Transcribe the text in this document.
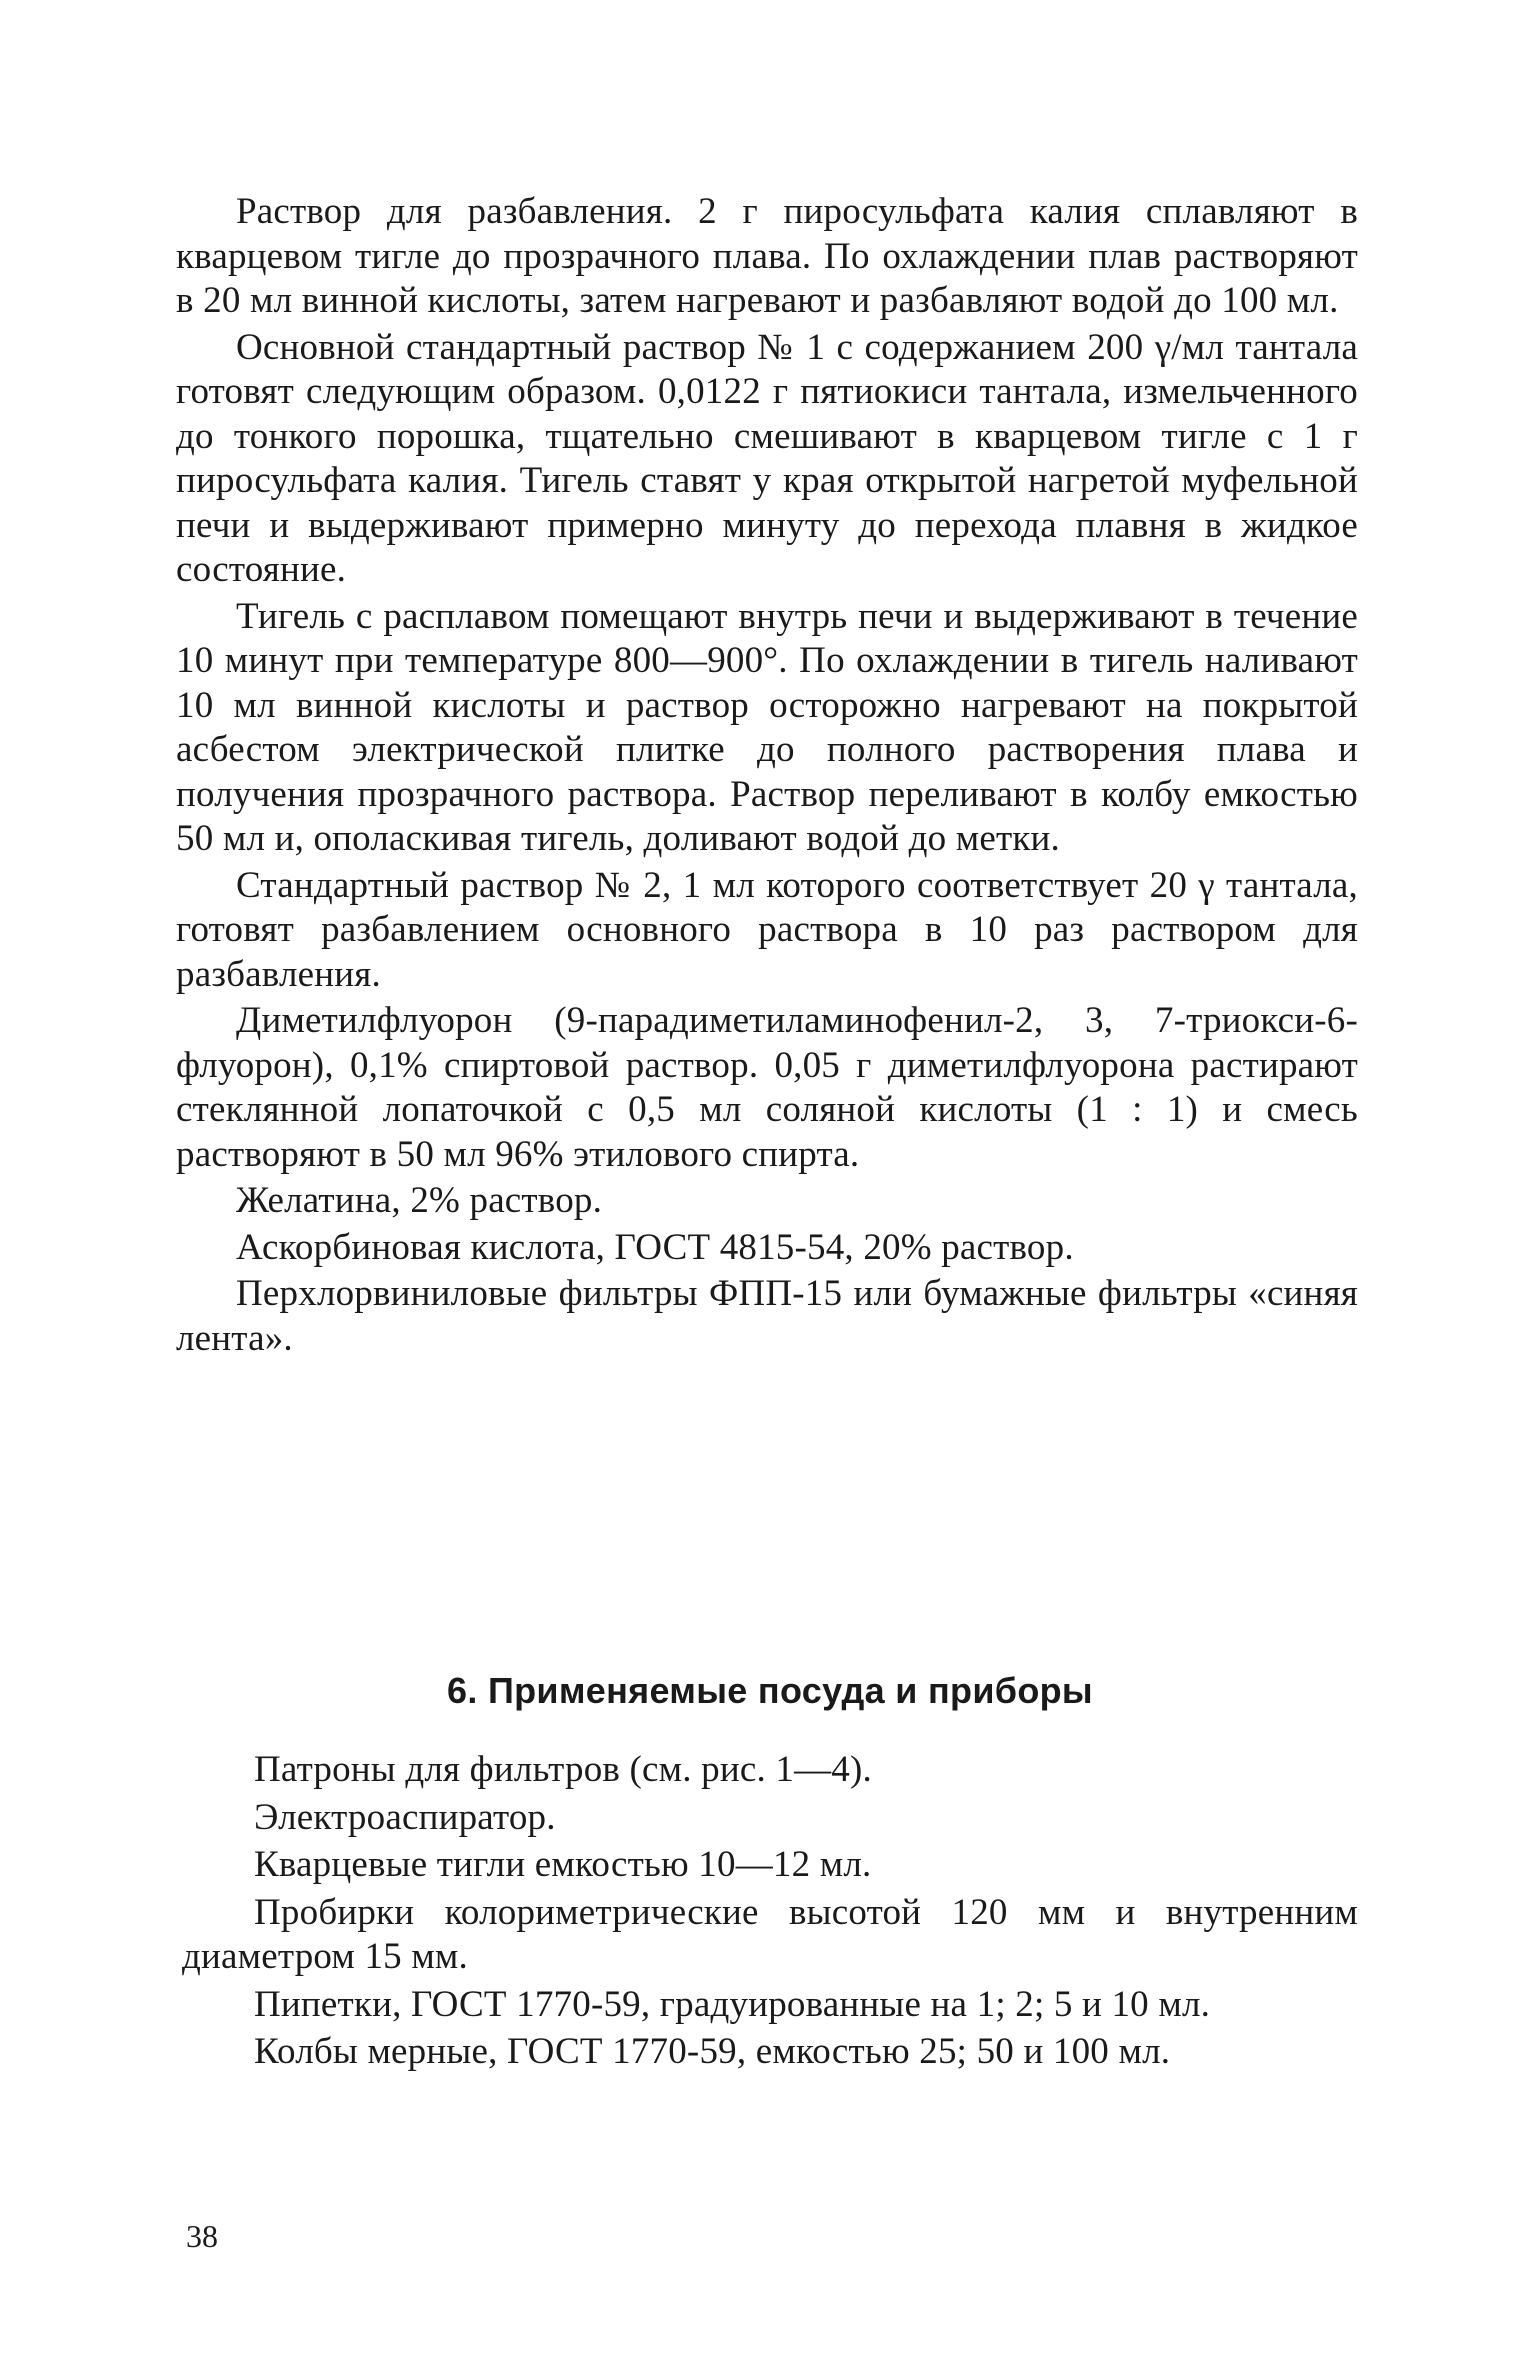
Раствор для разбавления. 2 г пиросульфата калия сплавляют в кварцевом тигле до прозрачного плава. По охлаждении плав растворяют в 20 мл винной кислоты, затем нагревают и разбавляют водой до 100 мл.

Основной стандартный раствор № 1 с содержанием 200 γ/мл тантала готовят следующим образом. 0,0122 г пятиокиси тантала, измельченного до тонкого порошка, тщательно смешивают в кварцевом тигле с 1 г пиросульфата калия. Тигель ставят у края открытой нагретой муфельной печи и выдерживают примерно минуту до перехода плавня в жидкое состояние.

Тигель с расплавом помещают внутрь печи и выдерживают в течение 10 минут при температуре 800—900°. По охлаждении в тигель наливают 10 мл винной кислоты и раствор осторожно нагревают на покрытой асбестом электрической плитке до полного растворения плава и получения прозрачного раствора. Раствор переливают в колбу емкостью 50 мл и, ополаскивая тигель, доливают водой до метки.

Стандартный раствор № 2, 1 мл которого соответствует 20 γ тантала, готовят разбавлением основного раствора в 10 раз раствором для разбавления.

Диметилфлуорон (9-парадиметиламинофенил-2, 3, 7-триокси-6-флуорон), 0,1% спиртовой раствор. 0,05 г диметилфлуорона растирают стеклянной лопаточкой с 0,5 мл соляной кислоты (1 : 1) и смесь растворяют в 50 мл 96% этилового спирта.

Желатина, 2% раствор.

Аскорбиновая кислота, ГОСТ 4815-54, 20% раствор.

Перхлорвиниловые фильтры ФПП-15 или бумажные фильтры «синяя лента».

6. Применяемые посуда и приборы

Патроны для фильтров (см. рис. 1—4).

Электроаспиратор.

Кварцевые тигли емкостью 10—12 мл.

Пробирки колориметрические высотой 120 мм и внутренним диаметром 15 мм.

Пипетки, ГОСТ 1770-59, градуированные на 1; 2; 5 и 10 мл.

Колбы мерные, ГОСТ 1770-59, емкостью 25; 50 и 100 мл.

38
